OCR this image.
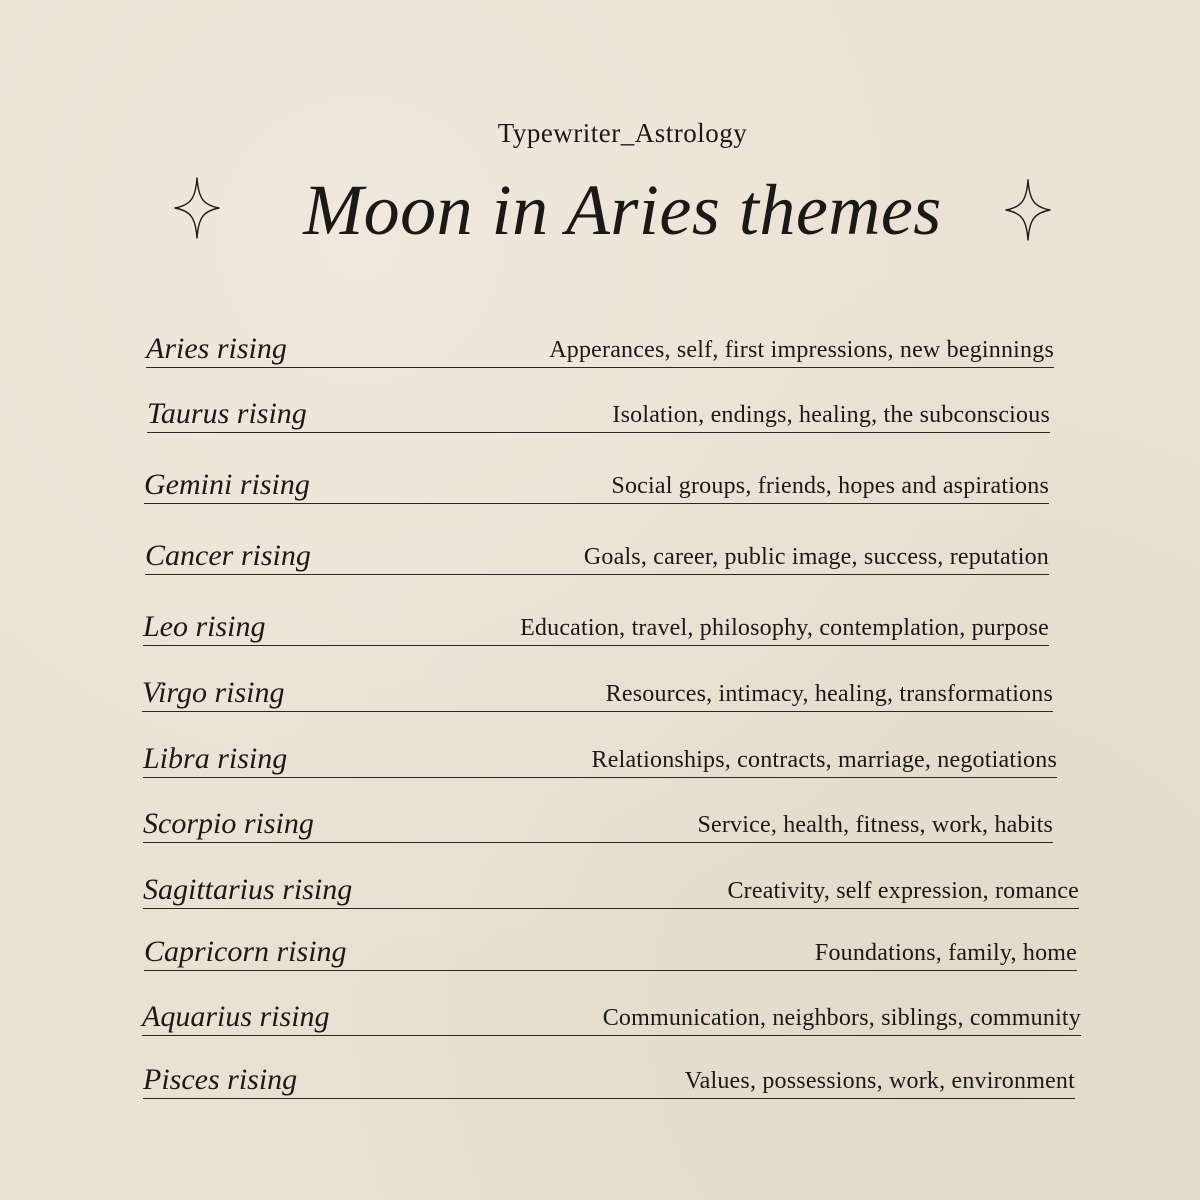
Typewriter_Astrology
Moon in Aries themes
Aries rising	Apperances, self, first impressions, new beginnings
Taurus rising	Isolation, endings, healing, the subconscious
Gemini rising	Social groups, friends, hopes and aspirations
Cancer rising	Goals, career, public image, success, reputation
Leo rising	Education, travel, philosophy, contemplation, purpose
Virgo rising	Resources, intimacy, healing, transformations
Libra rising	Relationships, contracts, marriage, negotiations
Scorpio rising	Service, health, fitness, work, habits
Sagittarius rising	Creativity, self expression, romance
Capricorn rising	Foundations, family, home
Aquarius rising	Communication, neighbors, siblings, community
Pisces rising	Values, possessions, work, environment
